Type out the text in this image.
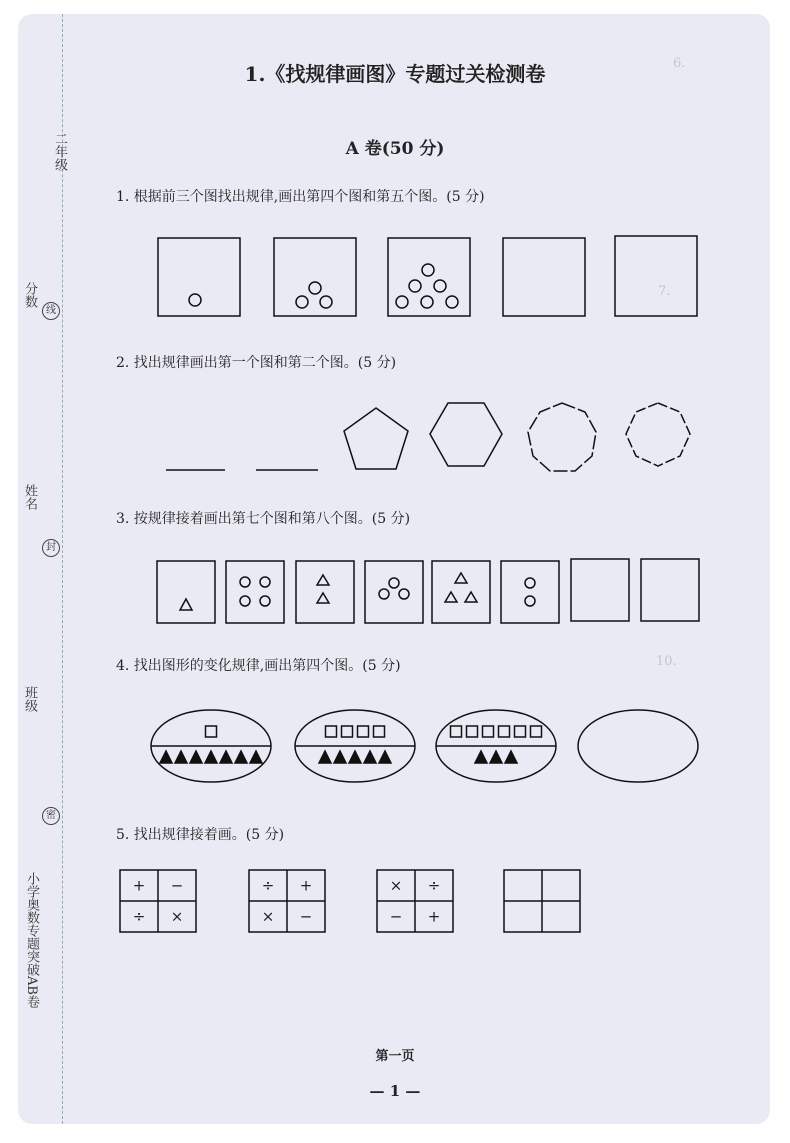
6.
7.
10.
二年级
分数
线
姓名
封
班级
密
小学奥数专题突破AB卷
1.《找规律画图》专题过关检测卷
A 卷(50 分)
1. 根据前三个图找出规律,画出第四个图和第五个图。(5 分)
2. 找出规律画出第一个图和第二个图。(5 分)
3. 按规律接着画出第七个图和第八个图。(5 分)
4. 找出图形的变化规律,画出第四个图。(5 分)
5. 找出规律接着画。(5 分)
+ −
÷ ×
÷ +
× −
× ÷
− +
第一页
— 1 —
